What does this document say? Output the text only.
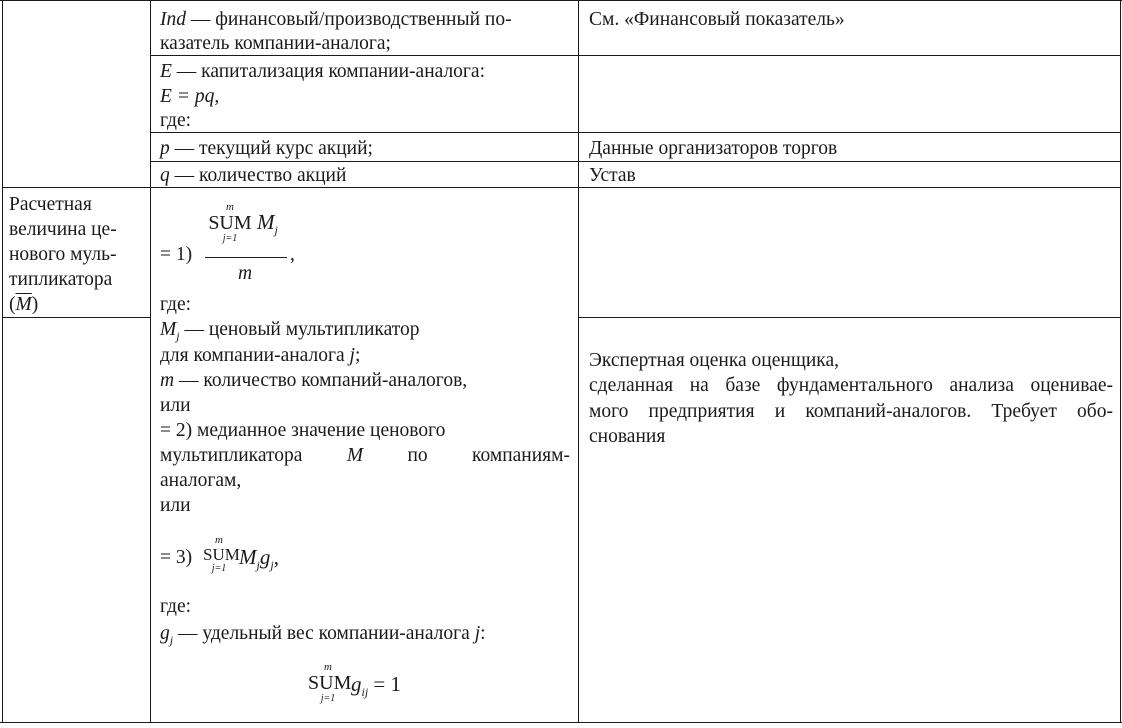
Ind — финансовый/производственный по-
казатель компании-аналога;
См. «Финансовый показатель»
E — капитализация компании-аналога:
E = pq,
где:
p — текущий курс акций;	Данные организаторов торгов
q — количество акций	Устав
Расчетная
величина це-
нового муль-
типликатора
$(\overline{M})$
= 1)
m
SUM
j=1
$M_j$
m
,
где:
$M_j$ — ценовый мультипликатор
для компании-аналога j;
m — количество компаний-аналогов,
или
= 2) медианное значение ценового
мультипликатора M по компаниям-
аналогам,
или
= 3)
m
SUM
j=1 $M_jg_j$,
где:
$g_j$ — удельный вес компании-аналога j:
m
SUM
j=1
$g_{ij} = 1$
Экспертная оценка оценщика,
сделанная на базе фундаментального анализа оценивае-
мого предприятия и компаний-аналогов. Требует обо-
снования
